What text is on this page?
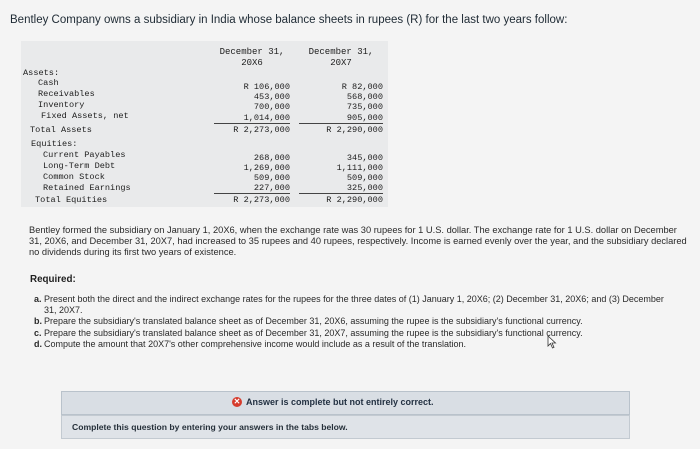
Bentley Company owns a subsidiary in India whose balance sheets in rupees (R) for the last two years follow:
December 31,
20X6
December 31,
20X7
Assets:
Cash	R 106,000	R 82,000
Receivables	453,000	568,000
Inventory	700,000	735,000
Fixed Assets, net	1,014,000	905,000
Total Assets	R 2,273,000	R 2,290,000
Equities:
Current Payables	268,000	345,000
Long-Term Debt	1,269,000	1,111,000
Common Stock	509,000	509,000
Retained Earnings	227,000	325,000
Total Equities	R 2,273,000	R 2,290,000
Bentley formed the subsidiary on January 1, 20X6, when the exchange rate was 30 rupees for 1 U.S. dollar. The exchange rate for 1 U.S. dollar on December 31, 20X6, and December 31, 20X7, had increased to 35 rupees and 40 rupees, respectively. Income is earned evenly over the year, and the subsidiary declared no dividends during its first two years of existence.
Required:
a. Present both the direct and the indirect exchange rates for the rupees for the three dates of (1) January 1, 20X6; (2) December 31, 20X6; and (3) December 31, 20X7.
b. Prepare the subsidiary's translated balance sheet as of December 31, 20X6, assuming the rupee is the subsidiary's functional currency.
c. Prepare the subsidiary's translated balance sheet as of December 31, 20X7, assuming the rupee is the subsidiary's functional currency.
d. Compute the amount that 20X7's other comprehensive income would include as a result of the translation.
✕ Answer is complete but not entirely correct.
Complete this question by entering your answers in the tabs below.
